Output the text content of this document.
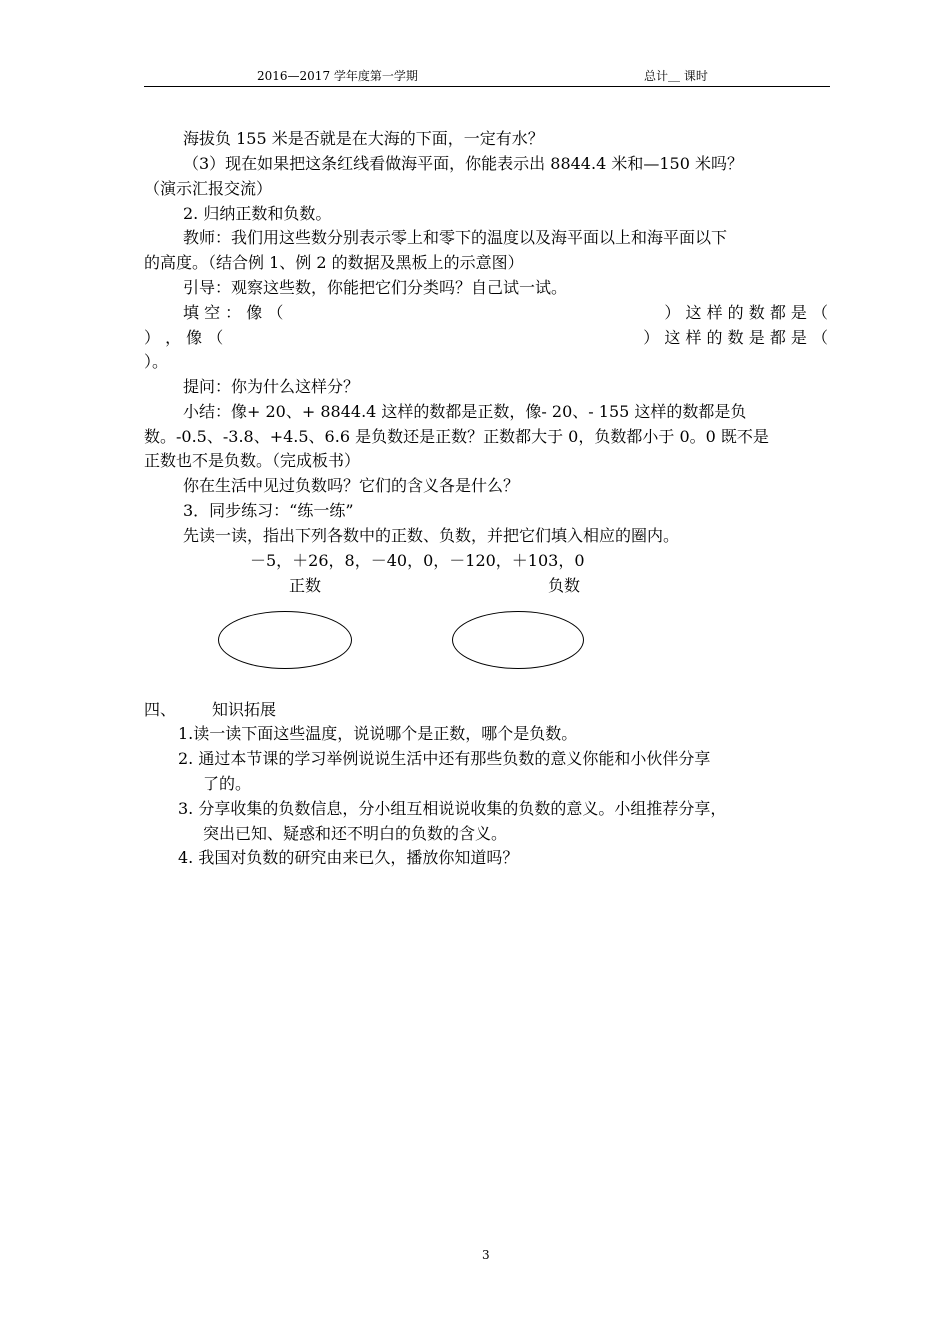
2016—2017 学年度第一学期	总计＿ 课时
海拔负 155 米是否就是在大海的下面，一定有水？
（3）现在如果把这条红线看做海平面，你能表示出 8844.4 米和—150 米吗？
（演示汇报交流）
2. 归纳正数和负数。
教师：我们用这些数分别表示零上和零下的温度以及海平面以上和海平面以下
的高度。（结合例 1、例 2 的数据及黑板上的示意图）
引导：观察这些数，你能把它们分类吗？自己试一试。
填 空 ： 像 （	） 这 样 的 数 都 是 （
） ， 像 （	） 这 样 的 数 是 都 是 （
）。
提问：你为什么这样分？
小结：像+ 20、+ 8844.4 这样的数都是正数，像- 20、- 155 这样的数都是负
数。-0.5、-3.8、+4.5、6.6 是负数还是正数？正数都大于 0，负数都小于 0。0 既不是
正数也不是负数。（完成板书）
你在生活中见过负数吗？它们的含义各是什么？
3．同步练习：“练一练”
先读一读，指出下列各数中的正数、负数，并把它们填入相应的圈内。
－5，＋26，8，－40，0，－120，＋103，0
正数	负数
四、 知识拓展
1.读一读下面这些温度，说说哪个是正数，哪个是负数。
2. 通过本节课的学习举例说说生活中还有那些负数的意义你能和小伙伴分享
了的。
3. 分享收集的负数信息，分小组互相说说收集的负数的意义。小组推荐分享，
突出已知、疑惑和还不明白的负数的含义。
4. 我国对负数的研究由来已久，播放你知道吗？
3
